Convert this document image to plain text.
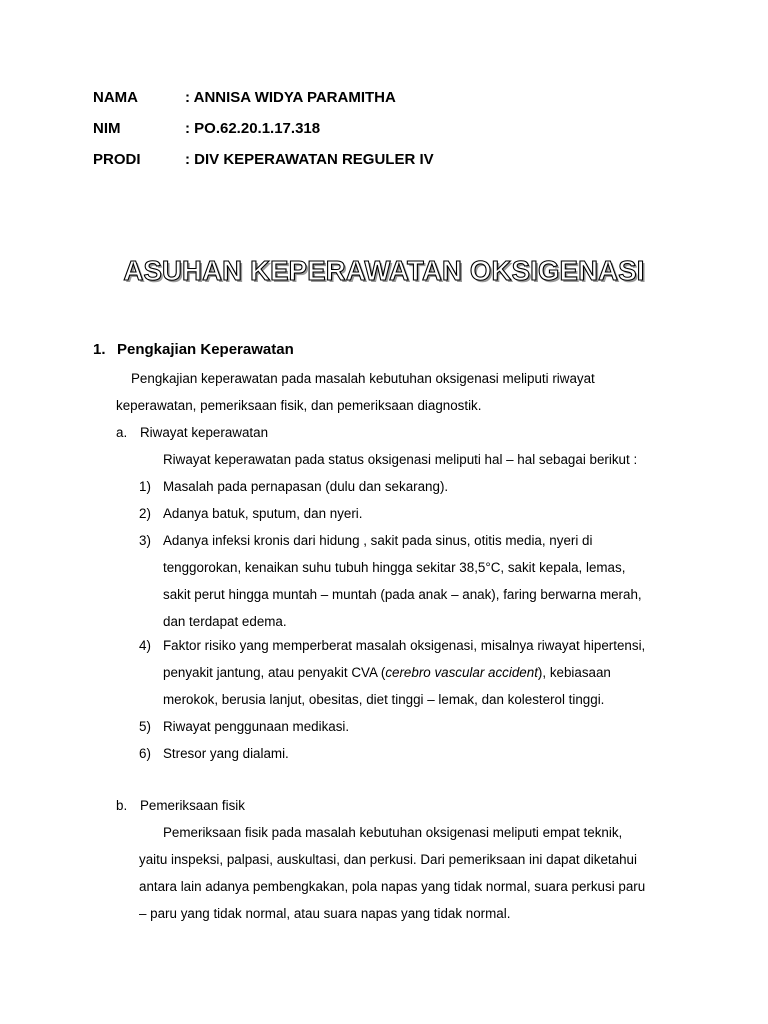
NAMA	: ANNISA WIDYA PARAMITHA
NIM	: PO.62.20.1.17.318
PRODI	: DIV KEPERAWATAN REGULER IV
ASUHAN KEPERAWATAN OKSIGENASI
1. Pengkajian Keperawatan
Pengkajian keperawatan pada masalah kebutuhan oksigenasi meliputi riwayat
keperawatan, pemeriksaan fisik, dan pemeriksaan diagnostik.
a. Riwayat keperawatan
Riwayat keperawatan pada status oksigenasi meliputi hal – hal sebagai berikut :
1) Masalah pada pernapasan (dulu dan sekarang).
2) Adanya batuk, sputum, dan nyeri.
3) Adanya infeksi kronis dari hidung , sakit pada sinus, otitis media, nyeri di
tenggorokan, kenaikan suhu tubuh hingga sekitar 38,5°C, sakit kepala, lemas,
sakit perut hingga muntah – muntah (pada anak – anak), faring berwarna merah,
dan terdapat edema.
4) Faktor risiko yang memperberat masalah oksigenasi, misalnya riwayat hipertensi,
penyakit jantung, atau penyakit CVA (cerebro vascular accident), kebiasaan
merokok, berusia lanjut, obesitas, diet tinggi – lemak, dan kolesterol tinggi.
5) Riwayat penggunaan medikasi.
6) Stresor yang dialami.
b. Pemeriksaan fisik
Pemeriksaan fisik pada masalah kebutuhan oksigenasi meliputi empat teknik,
yaitu inspeksi, palpasi, auskultasi, dan perkusi. Dari pemeriksaan ini dapat diketahui
antara lain adanya pembengkakan, pola napas yang tidak normal, suara perkusi paru
– paru yang tidak normal, atau suara napas yang tidak normal.
